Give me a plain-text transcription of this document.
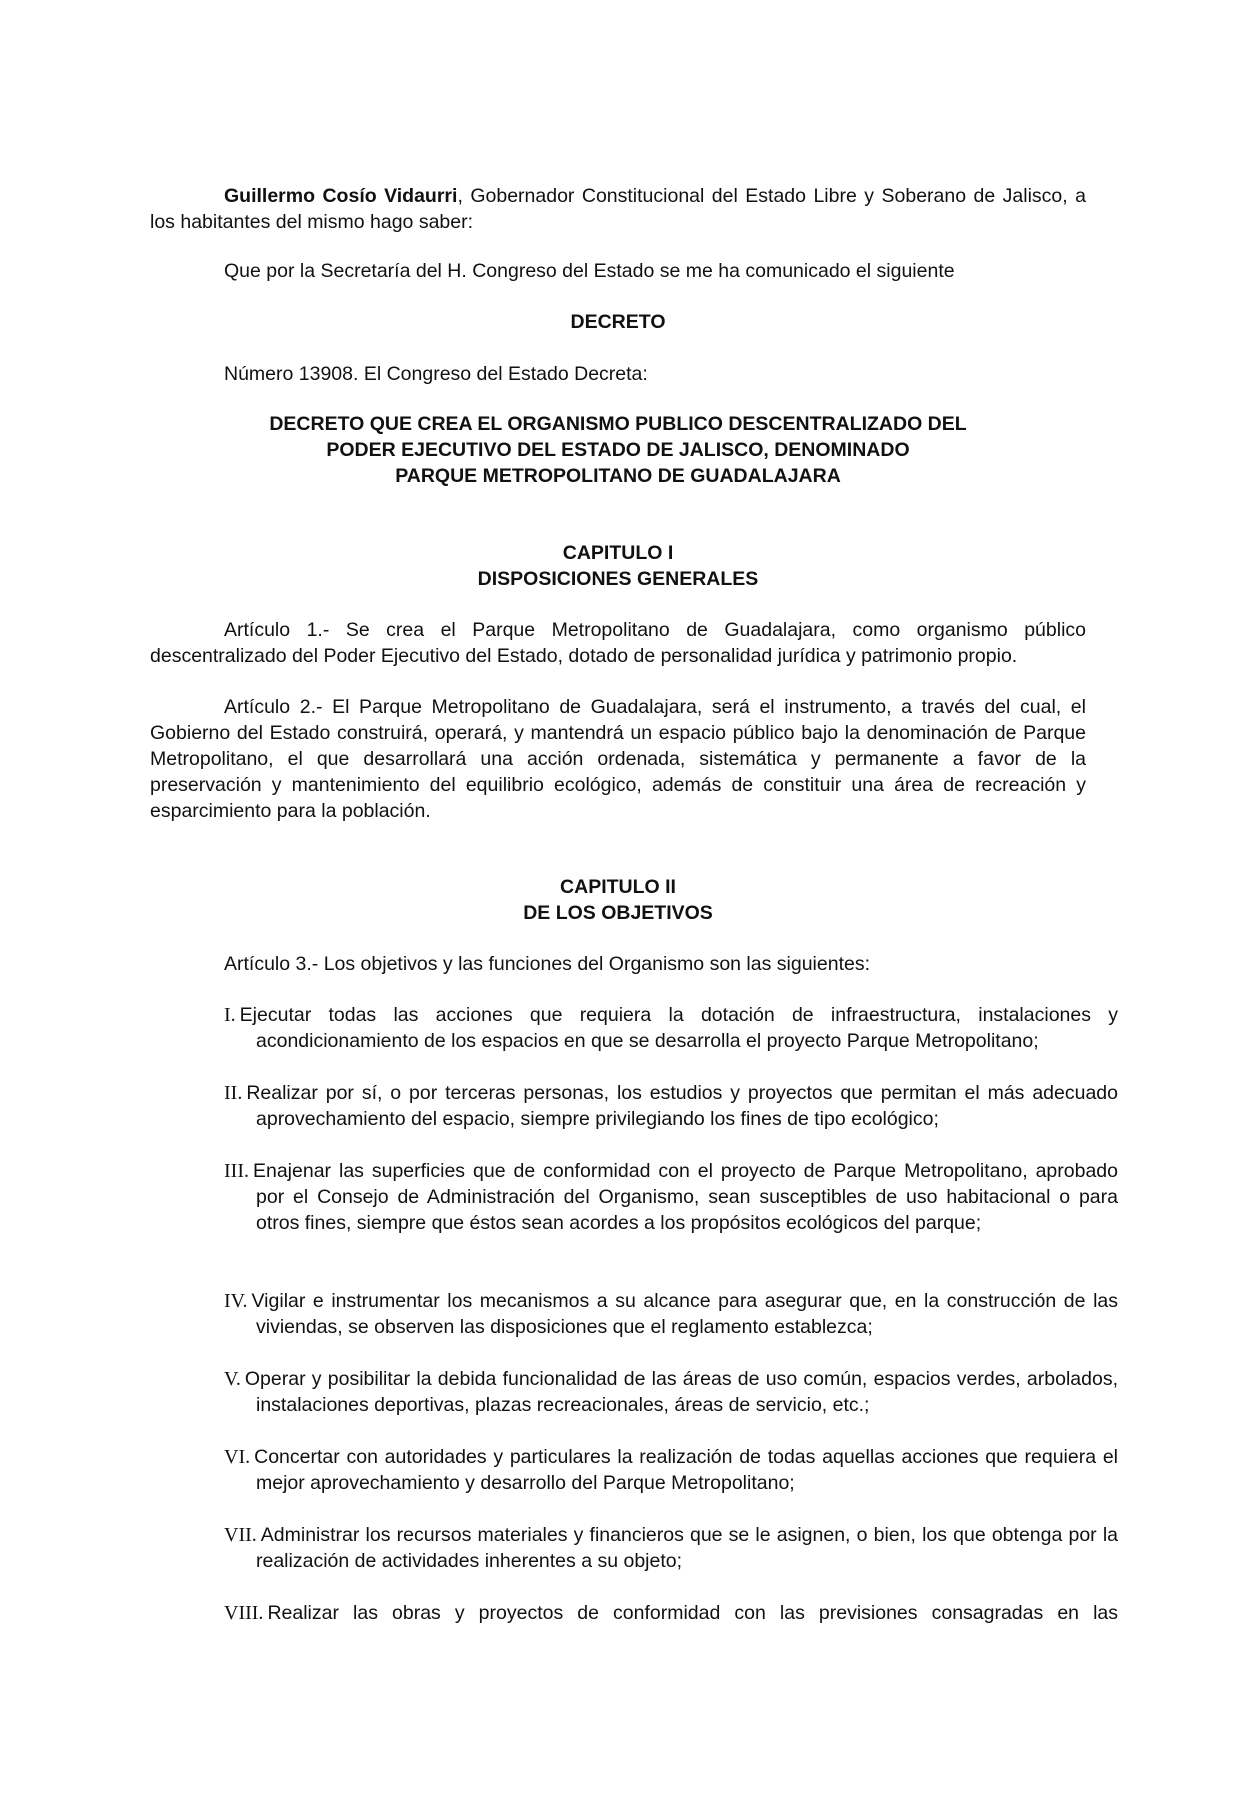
Guillermo Cosío Vidaurri, Gobernador Constitucional del Estado Libre y Soberano de Jalisco, a los habitantes del mismo hago saber:

Que por la Secretaría del H. Congreso del Estado se me ha comunicado el siguiente

DECRETO

Número 13908. El Congreso del Estado Decreta:

DECRETO QUE CREA EL ORGANISMO PUBLICO DESCENTRALIZADO DEL
PODER EJECUTIVO DEL ESTADO DE JALISCO, DENOMINADO
PARQUE METROPOLITANO DE GUADALAJARA
CAPITULO I
DISPOSICIONES GENERALES

Artículo 1.- Se crea el Parque Metropolitano de Guadalajara, como organismo público descentralizado del Poder Ejecutivo del Estado, dotado de personalidad jurídica y patrimonio propio.

Artículo 2.- El Parque Metropolitano de Guadalajara, será el instrumento, a través del cual, el Gobierno del Estado construirá, operará, y mantendrá un espacio público bajo la denominación de Parque Metropolitano, el que desarrollará una acción ordenada, sistemática y permanente a favor de la preservación y mantenimiento del equilibrio ecológico, además de constituir una área de recreación y esparcimiento para la población.

CAPITULO II
DE LOS OBJETIVOS

Artículo 3.- Los objetivos y las funciones del Organismo son las siguientes:

I. Ejecutar todas las acciones que requiera la dotación de infraestructura, instalaciones y acondicionamiento de los espacios en que se desarrolla el proyecto Parque Metropolitano;

II. Realizar por sí, o por terceras personas, los estudios y proyectos que permitan el más adecuado aprovechamiento del espacio, siempre privilegiando los fines de tipo ecológico;

III. Enajenar las superficies que de conformidad con el proyecto de Parque Metropolitano, aprobado por el Consejo de Administración del Organismo, sean susceptibles de uso habitacional o para otros fines, siempre que éstos sean acordes a los propósitos ecológicos del parque;

IV. Vigilar e instrumentar los mecanismos a su alcance para asegurar que, en la construcción de las viviendas, se observen las disposiciones que el reglamento establezca;

V. Operar y posibilitar la debida funcionalidad de las áreas de uso común, espacios verdes, arbolados, instalaciones deportivas, plazas recreacionales, áreas de servicio, etc.;

VI. Concertar con autoridades y particulares la realización de todas aquellas acciones que requiera el mejor aprovechamiento y desarrollo del Parque Metropolitano;

VII. Administrar los recursos materiales y financieros que se le asignen, o bien, los que obtenga por la realización de actividades inherentes a su objeto;

VIII. Realizar las obras y proyectos de conformidad con las previsiones consagradas en las
